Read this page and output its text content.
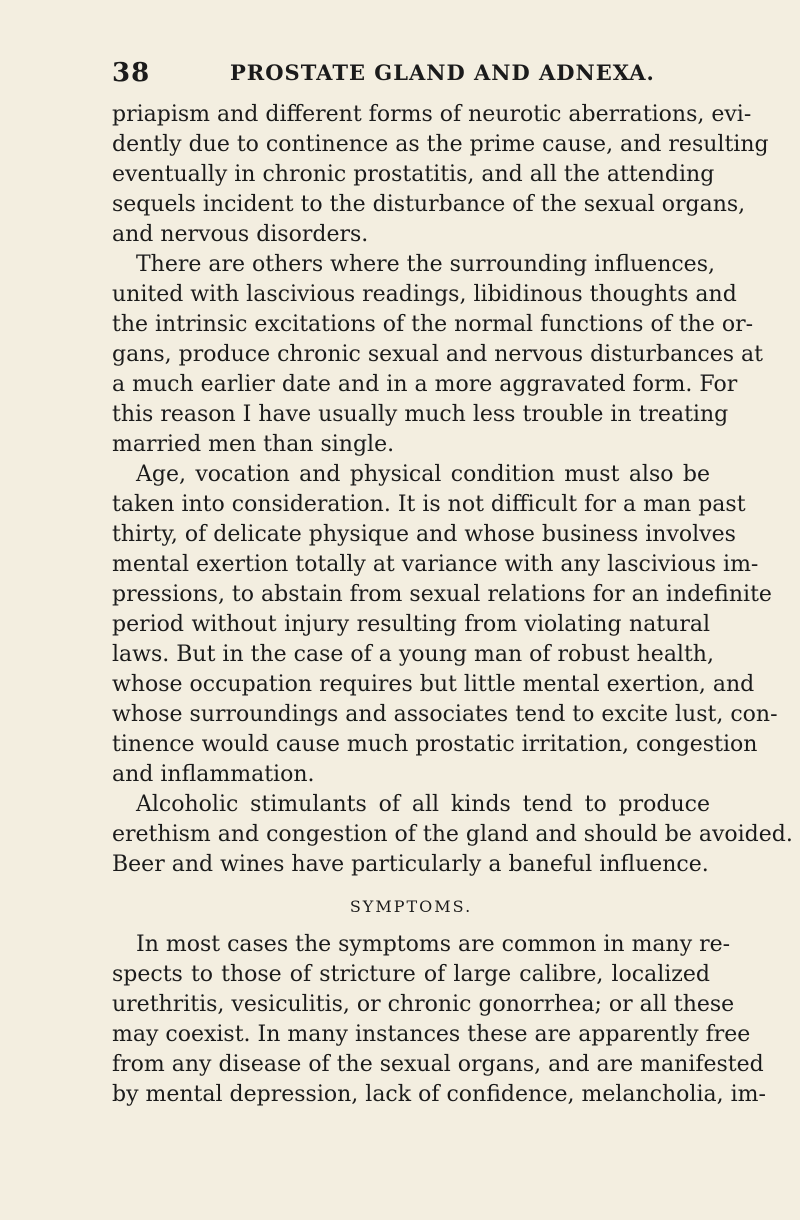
38	PROSTATE GLAND AND ADNEXA.
priapism and different forms of neurotic aberrations, evi-
dently due to continence as the prime cause, and resulting
eventually in chronic prostatitis, and all the attending
sequels incident to the disturbance of the sexual organs,
and nervous disorders.
There are others where the surrounding influences,
united with lascivious readings, libidinous thoughts and
the intrinsic excitations of the normal functions of the or-
gans, produce chronic sexual and nervous disturbances at
a much earlier date and in a more aggravated form. For
this reason I have usually much less trouble in treating
married men than single.
Age, vocation and physical condition must also be
taken into consideration. It is not difficult for a man past
thirty, of delicate physique and whose business involves
mental exertion totally at variance with any lascivious im-
pressions, to abstain from sexual relations for an indefinite
period without injury resulting from violating natural
laws. But in the case of a young man of robust health,
whose occupation requires but little mental exertion, and
whose surroundings and associates tend to excite lust, con-
tinence would cause much prostatic irritation, congestion
and inflammation.
Alcoholic stimulants of all kinds tend to produce
erethism and congestion of the gland and should be avoided.
Beer and wines have particularly a baneful influence.
SYMPTOMS.
In most cases the symptoms are common in many re-
spects to those of stricture of large calibre, localized
urethritis, vesiculitis, or chronic gonorrhea; or all these
may coexist. In many instances these are apparently free
from any disease of the sexual organs, and are manifested
by mental depression, lack of confidence, melancholia, im-
